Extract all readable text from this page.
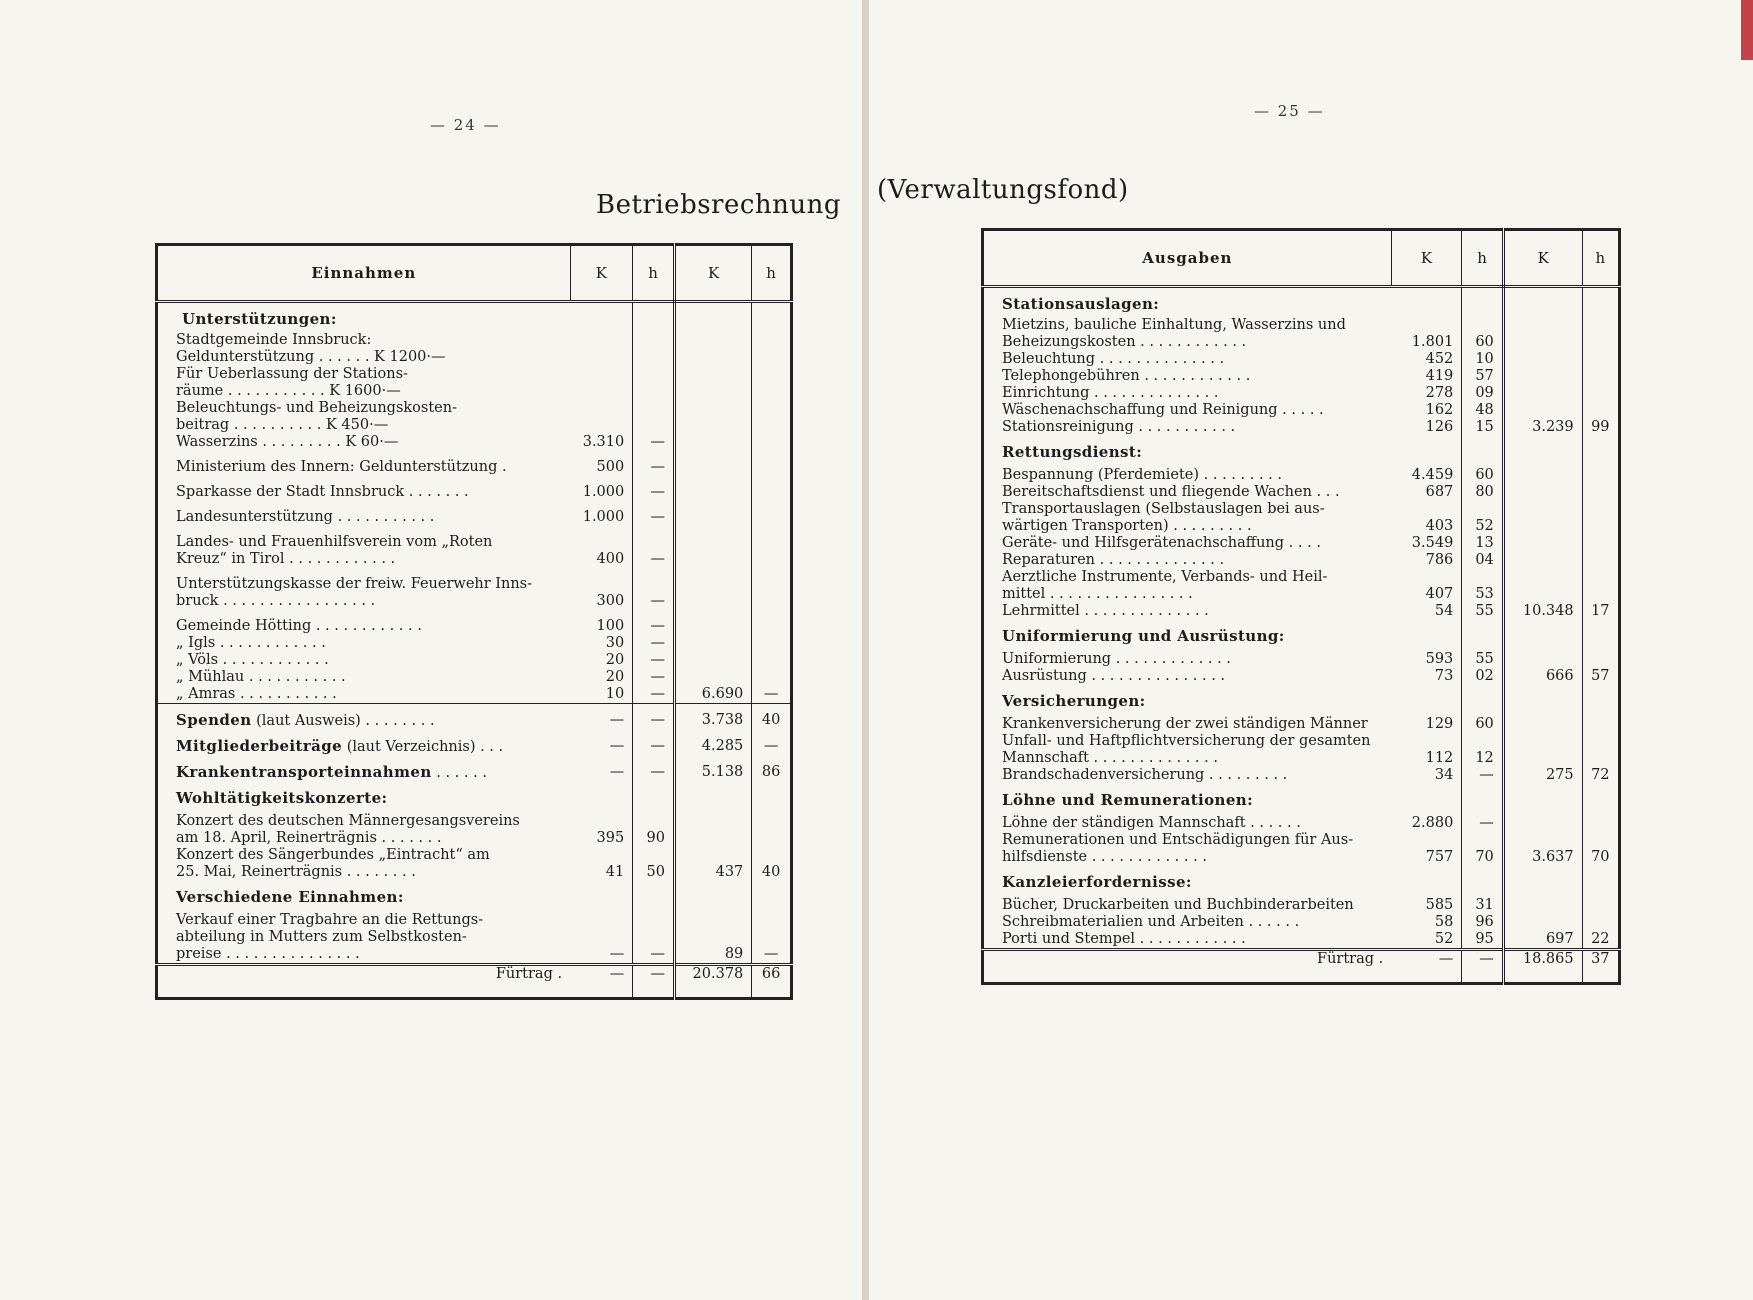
— 24 —
Betriebsrechnung
Einnahmen	K	h	K	h

Unterstützungen:				
Stadtgemeinde Innsbruck:				
Geldunterstützung . . . . . . K 1200·—				
Für Ueberlassung der Stations-				
räume . . . . . . . . . . . K 1600·—				
Beleuchtungs- und Beheizungskosten-				
beitrag . . . . . . . . . . K 450·—				
Wasserzins . . . . . . . . . K 60·—	3.310	—		

Ministerium des Innern: Geldunterstützung .	500	—		

Sparkasse der Stadt Innsbruck . . . . . . .	1.000	—		

Landesunterstützung . . . . . . . . . . .	1.000	—		

Landes- und Frauenhilfsverein vom „Roten				
Kreuz“ in Tirol . . . . . . . . . . . .	400	—		

Unterstützungskasse der freiw. Feuerwehr Inns-				
bruck . . . . . . . . . . . . . . . . .	300	—		

Gemeinde Hötting . . . . . . . . . . . .	100	—		
„ Igls . . . . . . . . . . . .	30	—		
„ Völs . . . . . . . . . . . .	20	—		
„ Mühlau . . . . . . . . . . .	20	—		
„ Amras . . . . . . . . . . .	10	—	6.690	—

Spenden (laut Ausweis) . . . . . . . .	—	—	3.738	40

Mitgliederbeiträge (laut Verzeichnis) . . .	—	—	4.285	—

Krankentransporteinnahmen . . . . . .	—	—	5.138	86

Wohltätigkeitskonzerte:				
Konzert des deutschen Männergesangsvereins				
am 18. April, Reinerträgnis . . . . . . .	395	90		
Konzert des Sängerbundes „Eintracht“ am				
25. Mai, Reinerträgnis . . . . . . . .	41	50	437	40

Verschiedene Einnahmen:				
Verkauf einer Tragbahre an die Rettungs-				
abteilung in Mutters zum Selbstkosten-				
preise . . . . . . . . . . . . . . .	—	—	89	—
Fürtrag .	—	—	20.378	66
— 25 —
(Verwaltungsfond)
Ausgaben	K	h	K	h

Stationsauslagen:				
Mietzins, bauliche Einhaltung, Wasserzins und				
Beheizungskosten . . . . . . . . . . . .	1.801	60		
Beleuchtung . . . . . . . . . . . . . .	452	10		
Telephongebühren . . . . . . . . . . . .	419	57		
Einrichtung . . . . . . . . . . . . . .	278	09		
Wäschenachschaffung und Reinigung . . . . .	162	48		
Stationsreinigung . . . . . . . . . . .	126	15	3.239	99

Rettungsdienst:				
Bespannung (Pferdemiete) . . . . . . . . .	4.459	60		
Bereitschaftsdienst und fliegende Wachen . . .	687	80		
Transportauslagen (Selbstauslagen bei aus-				
wärtigen Transporten) . . . . . . . . .	403	52		
Geräte- und Hilfsgerätenachschaffung . . . .	3.549	13		
Reparaturen . . . . . . . . . . . . . .	786	04		
Aerztliche Instrumente, Verbands- und Heil-				
mittel . . . . . . . . . . . . . . . .	407	53		
Lehrmittel . . . . . . . . . . . . . .	54	55	10.348	17

Uniformierung und Ausrüstung:				
Uniformierung . . . . . . . . . . . . .	593	55		
Ausrüstung . . . . . . . . . . . . . . .	73	02	666	57

Versicherungen:				
Krankenversicherung der zwei ständigen Männer	129	60		
Unfall- und Haftpflichtversicherung der gesamten				
Mannschaft . . . . . . . . . . . . . .	112	12		
Brandschadenversicherung . . . . . . . . .	34	—	275	72

Löhne und Remunerationen:				
Löhne der ständigen Mannschaft . . . . . .	2.880	—		
Remunerationen und Entschädigungen für Aus-				
hilfsdienste . . . . . . . . . . . . .	757	70	3.637	70

Kanzleierfordernisse:				
Bücher, Druckarbeiten und Buchbinderarbeiten	585	31		
Schreibmaterialien und Arbeiten . . . . . .	58	96		
Porti und Stempel . . . . . . . . . . . .	52	95	697	22
Fürtrag .	—	—	18.865	37
